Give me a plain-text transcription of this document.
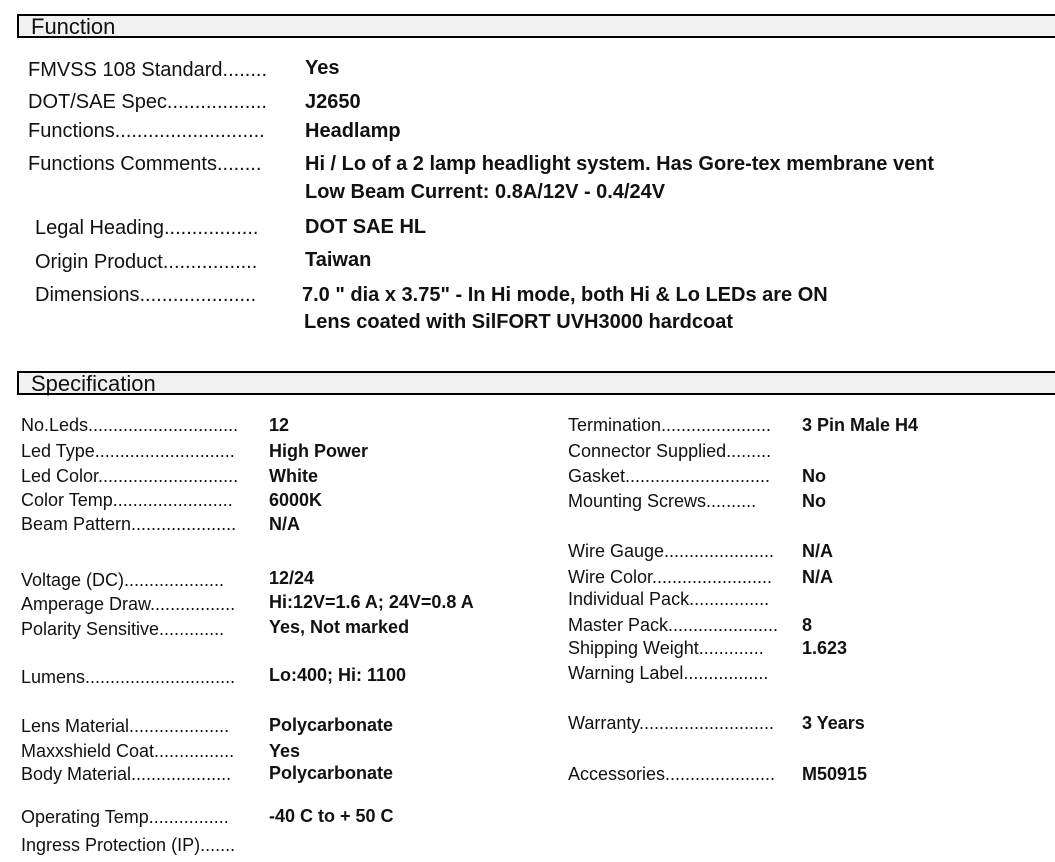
Function
FMVSS 108 Standard........ Yes
DOT/SAE Spec.................. J2650
Functions........................... Headlamp
Functions Comments........ Hi / Lo of a 2 lamp headlight system. Has Gore-tex membrane vent
Low Beam Current: 0.8A/12V - 0.4/24V
Legal Heading................. DOT SAE HL
Origin Product................. Taiwan
Dimensions..................... 7.0 " dia x 3.75" - In Hi mode, both Hi & Lo LEDs are ON
Lens coated with SilFORT UVH3000 hardcoat
Specification
No.Leds.............................. 12
Led Type............................ High Power
Led Color............................ White
Color Temp........................ 6000K
Beam Pattern..................... N/A
Voltage (DC).................... 12/24
Amperage Draw................. Hi:12V=1.6 A; 24V=0.8 A
Polarity Sensitive............. Yes, Not marked
Lumens.............................. Lo:400; Hi: 1100
Lens Material.................... Polycarbonate
Maxxshield Coat................ Yes
Body Material.................... Polycarbonate
Operating Temp................ -40 C to + 50 C
Ingress Protection (IP).......
Termination...................... 3 Pin Male H4
Connector Supplied.........
Gasket............................. No
Mounting Screws..........	No
Wire Gauge...................... N/A
Wire Color........................ N/A
Individual Pack................
Master Pack...................... 8
Shipping Weight............. 1.623
Warning Label.................
Warranty........................... 3 Years
Accessories...................... M50915
